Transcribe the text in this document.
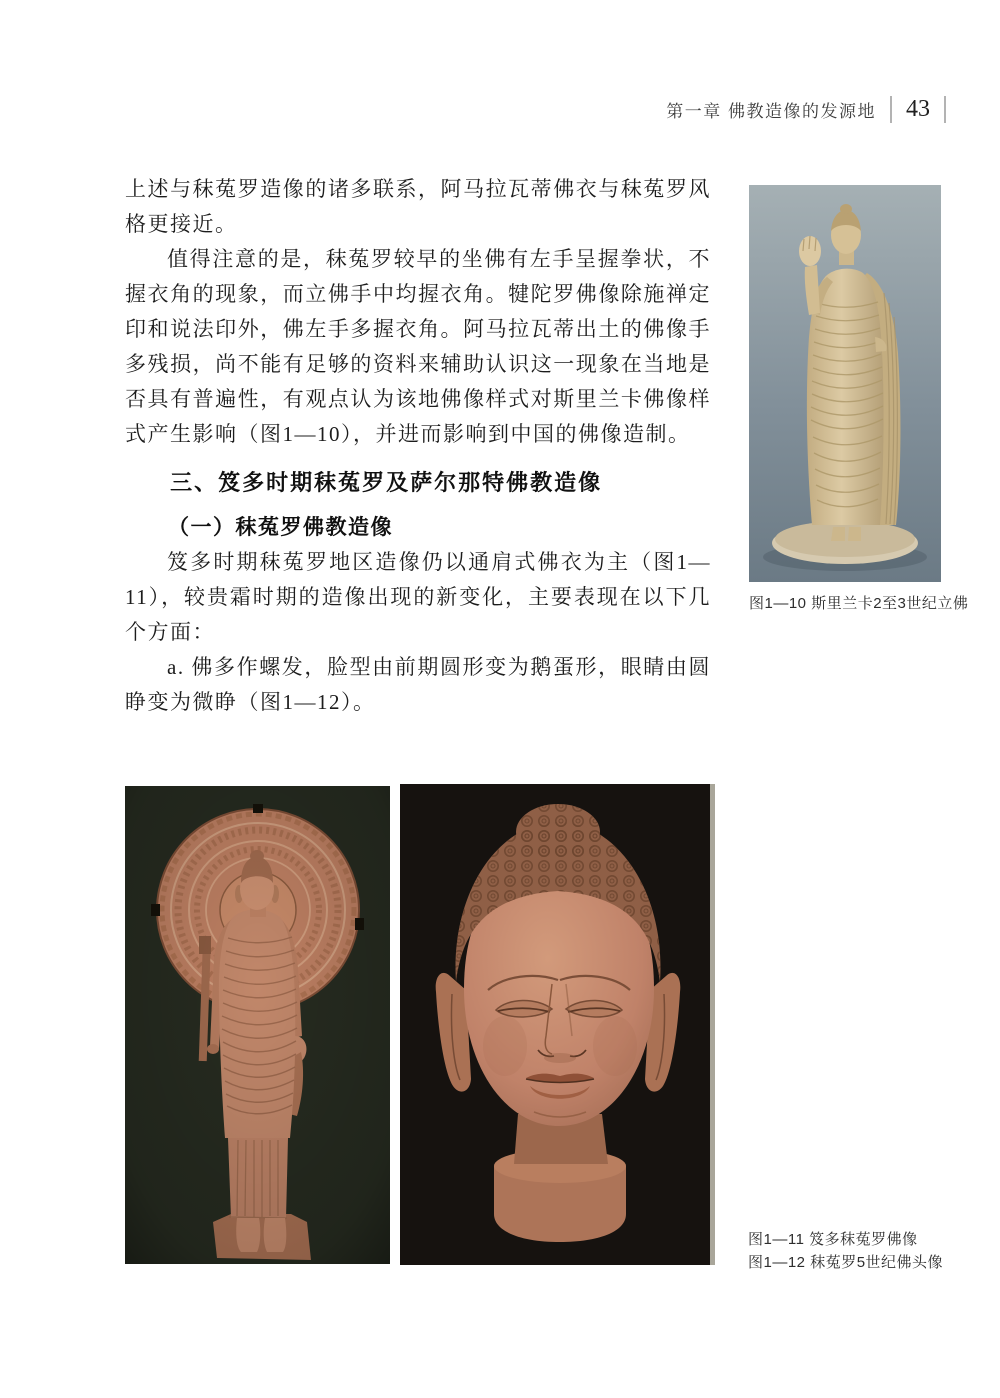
第一章 佛教造像的发源地 43

上述与秣菟罗造像的诸多联系，阿马拉瓦蒂佛衣与秣菟罗风格更接近。

值得注意的是，秣菟罗较早的坐佛有左手呈握拳状，不握衣角的现象，而立佛手中均握衣角。犍陀罗佛像除施禅定印和说法印外，佛左手多握衣角。阿马拉瓦蒂出土的佛像手多残损，尚不能有足够的资料来辅助认识这一现象在当地是否具有普遍性，有观点认为该地佛像样式对斯里兰卡佛像样式产生影响（图1—10），并进而影响到中国的佛像造制。

三、笈多时期秣菟罗及萨尔那特佛教造像
（一）秣菟罗佛教造像

笈多时期秣菟罗地区造像仍以通肩式佛衣为主（图1—11），较贵霜时期的造像出现的新变化，主要表现在以下几个方面：

a. 佛多作螺发，脸型由前期圆形变为鹅蛋形，眼睛由圆睁变为微睁（图1—12）。

图1—10 斯里兰卡2至3世纪立佛
图1—11 笈多秣菟罗佛像
图1—12 秣菟罗5世纪佛头像
